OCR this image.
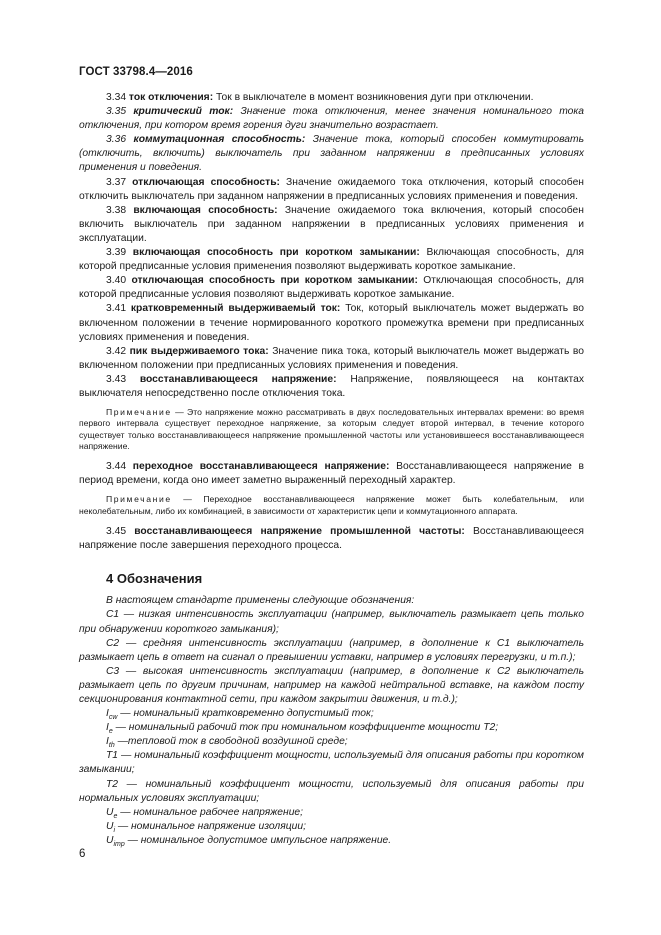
ГОСТ 33798.4—2016

3.34 ток отключения: Ток в выключателе в момент возникновения дуги при отключении.

3.35 критический ток: Значение тока отключения, менее значения номинального тока отключения, при котором время горения дуги значительно возрастает.

3.36 коммутационная способность: Значение тока, который способен коммутировать (отключить, включить) выключатель при заданном напряжении в предписанных условиях применения и поведения.

3.37 отключающая способность: Значение ожидаемого тока отключения, который способен отключить выключатель при заданном напряжении в предписанных условиях применения и поведения.

3.38 включающая способность: Значение ожидаемого тока включения, который способен включить выключатель при заданном напряжении в предписанных условиях применения и эксплуатации.

3.39 включающая способность при коротком замыкании: Включающая способность, для которой предписанные условия применения позволяют выдерживать короткое замыкание.

3.40 отключающая способность при коротком замыкании: Отключающая способность, для которой предписанные условия позволяют выдерживать короткое замыкание.

3.41 кратковременный выдерживаемый ток: Ток, который выключатель может выдержать во включенном положении в течение нормированного короткого промежутка времени при предписанных условиях применения и поведения.

3.42 пик выдерживаемого тока: Значение пика тока, который выключатель может выдержать во включенном положении при предписанных условиях применения и поведения.

3.43 восстанавливающееся напряжение: Напряжение, появляющееся на контактах выключателя непосредственно после отключения тока.

Примечание — Это напряжение можно рассматривать в двух последовательных интервалах времени: во время первого интервала существует переходное напряжение, за которым следует второй интервал, в течение которого существует только восстанавливающееся напряжение промышленной частоты или установившееся восстанавливающееся напряжение.

3.44 переходное восстанавливающееся напряжение: Восстанавливающееся напряжение в период времени, когда оно имеет заметно выраженный переходный характер.

Примечание — Переходное восстанавливающееся напряжение может быть колебательным, или неколебательным, либо их комбинацией, в зависимости от характеристик цепи и коммутационного аппарата.

3.45 восстанавливающееся напряжение промышленной частоты: Восстанавливающееся напряжение после завершения переходного процесса.

4 Обозначения

В настоящем стандарте применены следующие обозначения:

С1 — низкая интенсивность эксплуатации (например, выключатель размыкает цепь только при обнаружении короткого замыкания);

С2 — средняя интенсивность эксплуатации (например, в дополнение к С1 выключатель размыкает цепь в ответ на сигнал о превышении уставки, например в условиях перегрузки, и т.п.);

С3 — высокая интенсивность эксплуатации (например, в дополнение к С2 выключатель размыкает цепь по другим причинам, например на каждой нейтральной вставке, на каждом посту секционирования контактной сети, при каждом закрытии движения, и т.д.);

$I_{cw}$ — номинальный кратковременно допустимый ток;

$I_e$ — номинальный рабочий ток при номинальном коэффициенте мощности Т2;

$I_{th}$ —тепловой ток в свободной воздушной среде;

Т1 — номинальный коэффициент мощности, используемый для описания работы при коротком замыкании;

Т2 — номинальный коэффициент мощности, используемый для описания работы при нормальных условиях эксплуатации;

$U_e$ — номинальное рабочее напряжение;

$U_i$ — номинальное напряжение изоляции;

$U_{imp}$ — номинальное допустимое импульсное напряжение.

6
